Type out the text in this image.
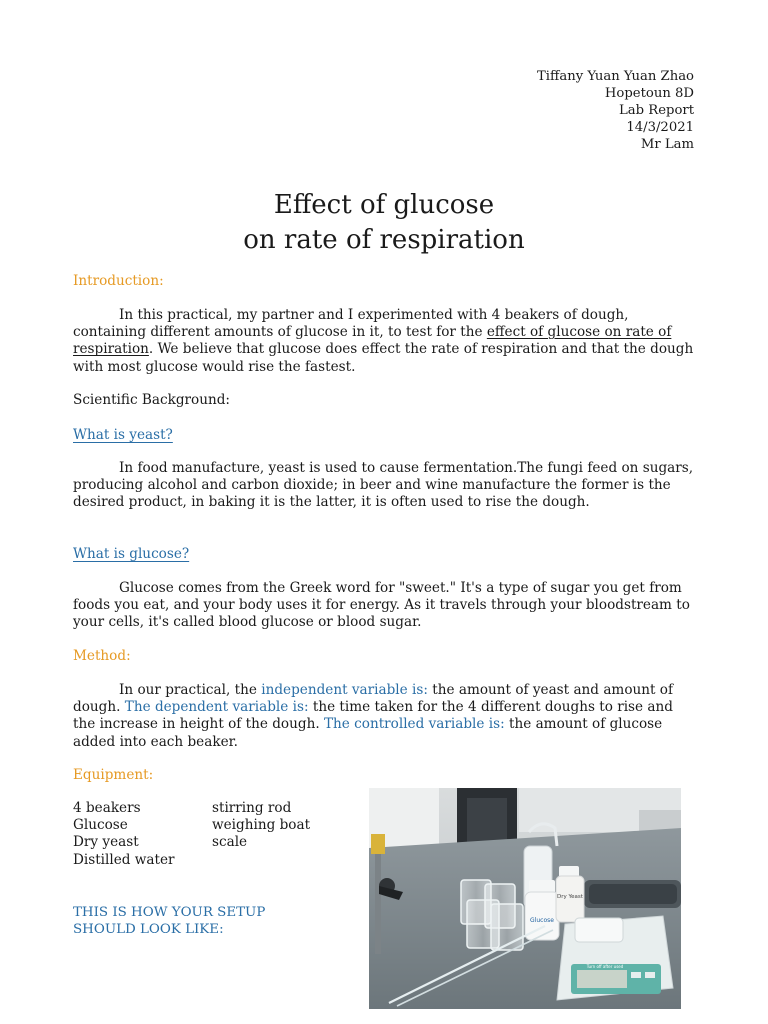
Tiffany Yuan Yuan Zhao
Hopetoun 8D
Lab Report
14/3/2021
Mr Lam
Effect of glucose
on rate of respiration
Introduction:

In this practical, my partner and I experimented with 4 beakers of dough, containing different amounts of glucose in it, to test for the effect of glucose on rate of respiration. We believe that glucose does effect the rate of respiration and that the dough with most glucose would rise the fastest.

Scientific Background:
What is yeast?

In food manufacture, yeast is used to cause fermentation.The fungi feed on sugars, producing alcohol and carbon dioxide; in beer and wine manufacture the former is the desired product, in baking it is the latter, it is often used to rise the dough.

What is glucose?

Glucose comes from the Greek word for "sweet." It's a type of sugar you get from foods you eat, and your body uses it for energy. As it travels through your bloodstream to your cells, it's called blood glucose or blood sugar.

Method:

In our practical, the independent variable is: the amount of yeast and amount of dough. The dependent variable is: the time taken for the 4 different doughs to rise and the increase in height of the dough. The controlled variable is: the amount of glucose added into each beaker.

Equipment:
4 beakers
Glucose
Dry yeast
Distilled water
stirring rod
weighing boat
scale
THIS IS HOW YOUR SETUP
SHOULD LOOK LIKE:
Glucose
Dry Yeast
Turn off after used
